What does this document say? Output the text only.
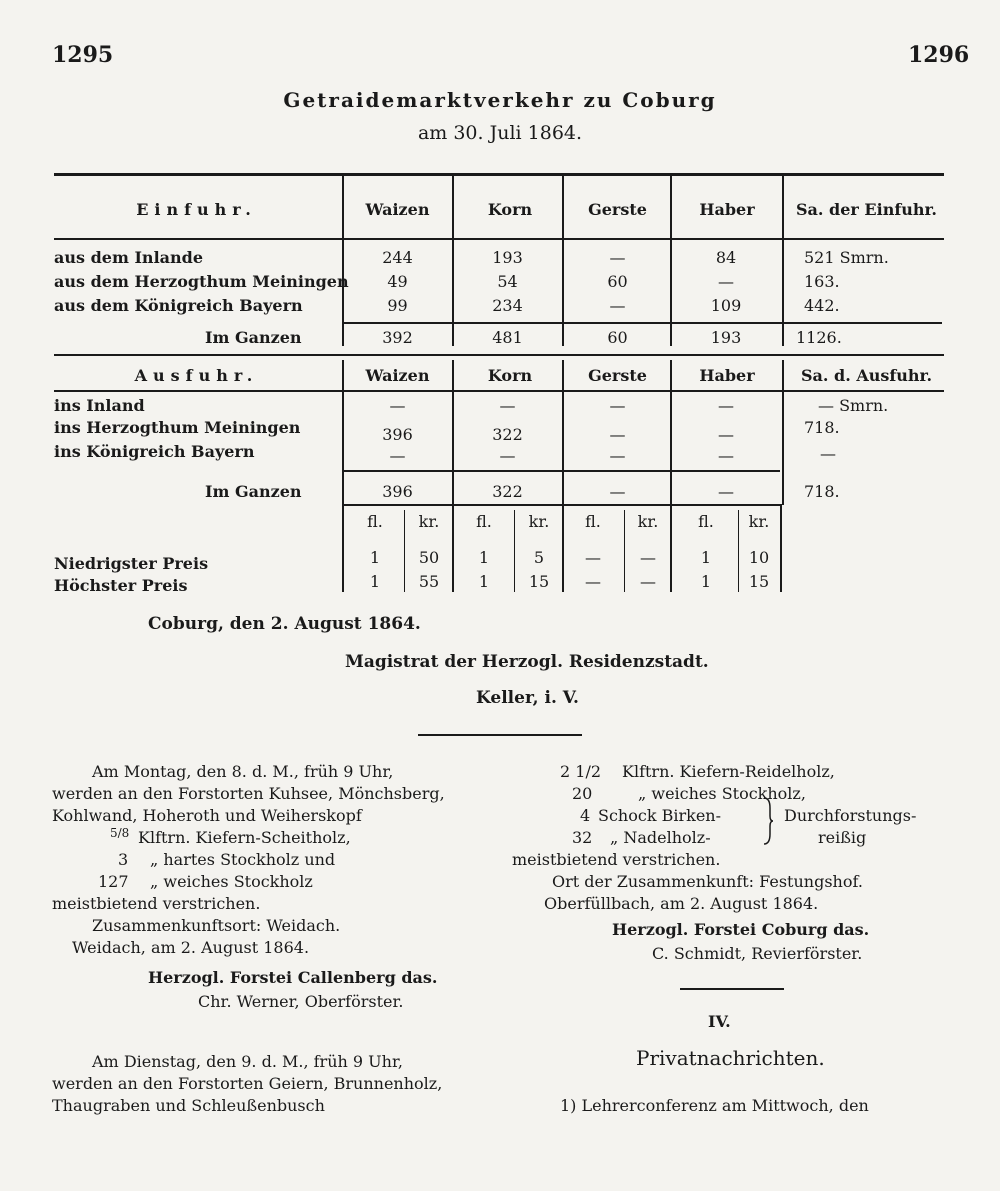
1295	1296
Getraidemarktverkehr zu Coburg
am 30. Juli 1864.
Einfuhr.	Waizen	Korn	Gerste	Haber	Sa. der Einfuhr.
aus dem Inlande	244	193	—	84	521 Smrn.
aus dem Herzogthum Meiningen	49	54	60	—	163.
aus dem Königreich Bayern	99	234	—	109	442.
Im Ganzen	392	481	60	193	1126.
Ausfuhr.	Waizen	Korn	Gerste	Haber	Sa. d. Ausfuhr.
ins Inland	—	—	—	—	— Smrn.
ins Herzogthum Meiningen	396	322	—	—	718.
ins Königreich Bayern	—	—	—	—	—
Im Ganzen	396	322	—	—	718.
fl.	kr.	fl.	kr.	fl.	kr.	fl.	kr.
Niedrigster Preis	1	50	1	5	—	—	1	10
Höchster Preis	1	55	1	15	—	—	1	15
Coburg, den 2. August 1864.
Magistrat der Herzogl. Residenzstadt.
Keller, i. V.
Am Montag, den 8. d. M., früh 9 Uhr,
werden an den Forstorten Kuhsee, Mönchsberg,
Kohlwand, Hoheroth und Weiherskopf
5/8 Klftrn. Kiefern-Scheitholz,
3	„ hartes Stockholz und
127	„ weiches Stockholz
meistbietend verstrichen.
Zusammenkunftsort: Weidach.
Weidach, am 2. August 1864.
Herzogl. Forstei Callenberg das.
Chr. Werner, Oberförster.
Am Dienstag, den 9. d. M., früh 9 Uhr,
werden an den Forstorten Geiern, Brunnenholz,
Thaugraben und Schleußenbusch
2 1/2 Klftrn. Kiefern-Reidelholz,
20	„ weiches Stockholz,
4 Schock Birken-
32 „ Nadelholz-
Durchforstungs-
reißig
meistbietend verstrichen.
Ort der Zusammenkunft: Festungshof.
Oberfüllbach, am 2. August 1864.
Herzogl. Forstei Coburg das.
C. Schmidt, Revierförster.
IV.
Privatnachrichten.
1) Lehrerconferenz am Mittwoch, den
